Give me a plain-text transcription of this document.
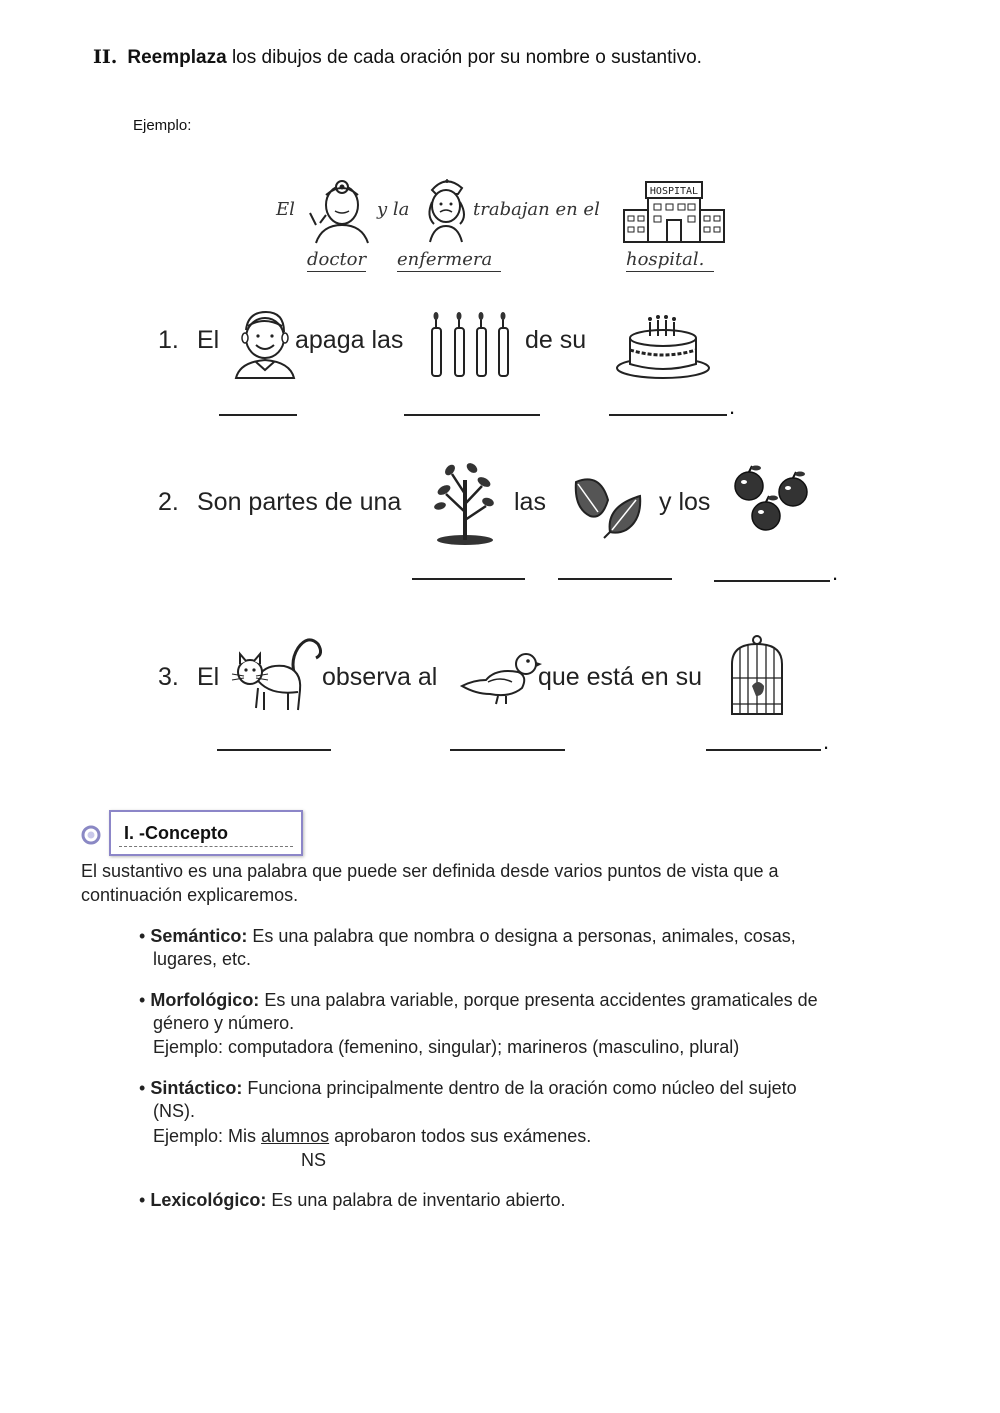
II. Reemplaza los dibujos de cada oración por su nombre o sustantivo.
Ejemplo:
El	y la	trabajan en el
HOSPITAL
doctor enfermera	hospital.
1. El	apaga las	de su
.
2. Son partes de una	las	y los
.
3. El	observa al	que está en su
.
I. -Concepto
El sustantivo es una palabra que puede ser definida desde varios puntos de vista que a
continuación explicaremos.
• Semántico: Es una palabra que nombra o designa a personas, animales, cosas,
lugares, etc.
• Morfológico: Es una palabra variable, porque presenta accidentes gramaticales de
género y número.
Ejemplo: computadora (femenino, singular); marineros (masculino, plural)
• Sintáctico: Funciona principalmente dentro de la oración como núcleo del sujeto
(NS).
Ejemplo: Mis alumnos aprobaron todos sus exámenes.
NS
• Lexicológico: Es una palabra de inventario abierto.
